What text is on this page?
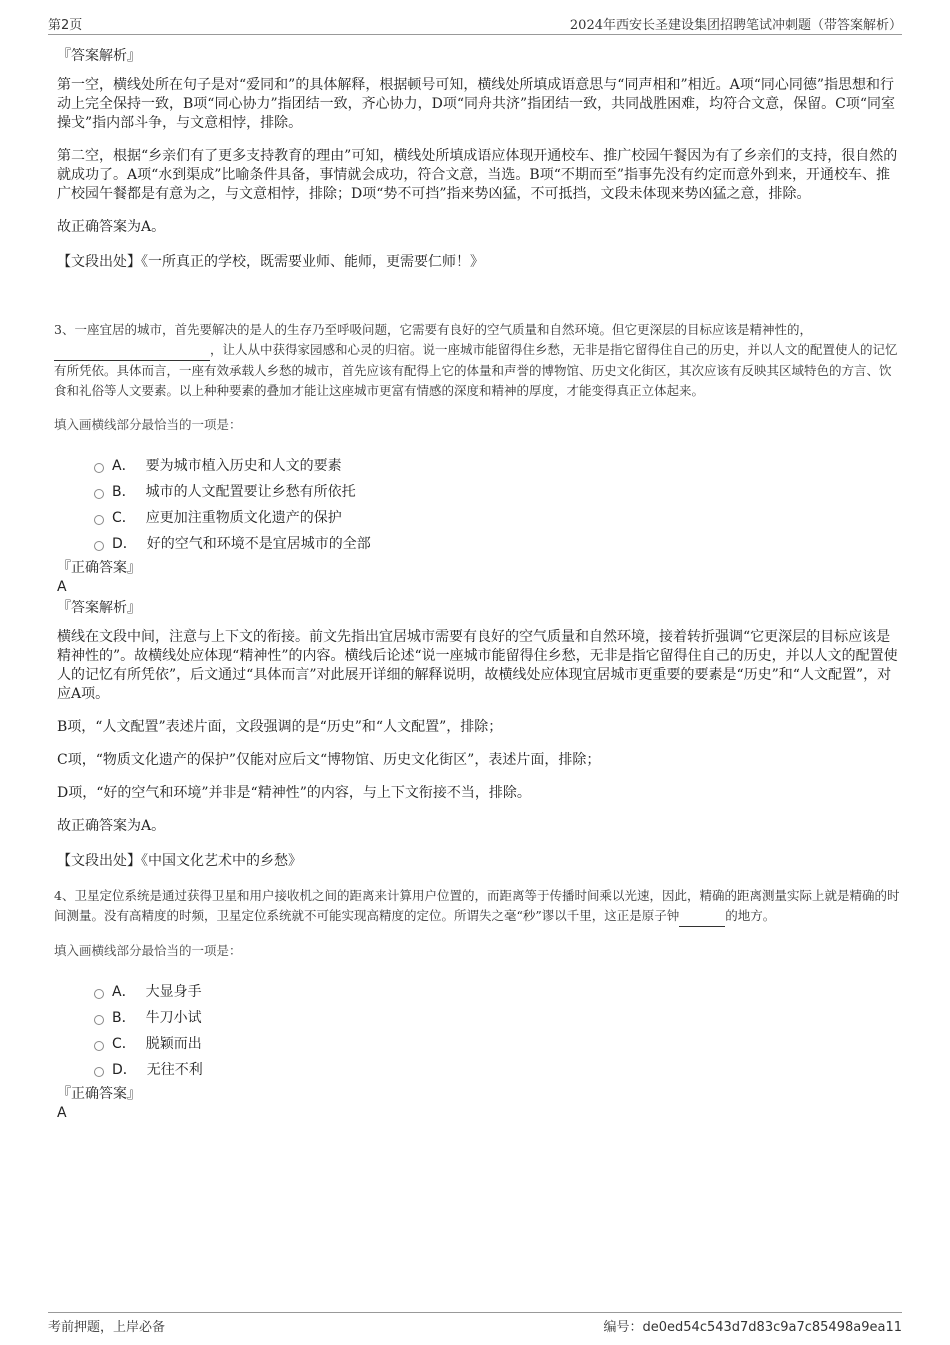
第2页	2024年西安长圣建设集团招聘笔试冲刺题（带答案解析）
『答案解析』

第一空，横线处所在句子是对“爱同和”的具体解释，根据顿号可知，横线处所填成语意思与“同声相和”相近。A项“同心同德”指思想和行动上完全保持一致，B项“同心协力”指团结一致，齐心协力，D项“同舟共济”指团结一致，共同战胜困难，均符合文意，保留。C项“同室操戈”指内部斗争，与文意相悖，排除。

第二空，根据“乡亲们有了更多支持教育的理由”可知，横线处所填成语应体现开通校车、推广校园午餐因为有了乡亲们的支持，很自然的就成功了。A项“水到渠成”比喻条件具备，事情就会成功，符合文意，当选。B项“不期而至”指事先没有约定而意外到来，开通校车、推广校园午餐都是有意为之，与文意相悖，排除；D项“势不可挡”指来势凶猛，不可抵挡，文段未体现来势凶猛之意，排除。

故正确答案为A。

【文段出处】《一所真正的学校，既需要业师、能师，更需要仁师！》

3、一座宜居的城市，首先要解决的是人的生存乃至呼吸问题，它需要有良好的空气质量和自然环境。但它更深层的目标应该是精神性的， ，让人从中获得家园感和心灵的归宿。说一座城市能留得住乡愁，无非是指它留得住自己的历史，并以人文的配置使人的记忆有所凭依。具体而言，一座有效承载人乡愁的城市，首先应该有配得上它的体量和声誉的博物馆、历史文化街区，其次应该有反映其区域特色的方言、饮食和礼俗等人文要素。以上种种要素的叠加才能让这座城市更富有情感的深度和精神的厚度，才能变得真正立体起来。

填入画横线部分最恰当的一项是：
A． 要为城市植入历史和人文的要素
B． 城市的人文配置要让乡愁有所依托
C． 应更加注重物质文化遗产的保护
D． 好的空气和环境不是宜居城市的全部
『正确答案』
A
『答案解析』

横线在文段中间，注意与上下文的衔接。前文先指出宜居城市需要有良好的空气质量和自然环境，接着转折强调“它更深层的目标应该是精神性的”。故横线处应体现“精神性”的内容。横线后论述“说一座城市能留得住乡愁，无非是指它留得住自己的历史，并以人文的配置使人的记忆有所凭依”，后文通过“具体而言”对此展开详细的解释说明，故横线处应体现宜居城市更重要的要素是“历史”和“人文配置”，对应A项。

B项，“人文配置”表述片面，文段强调的是“历史”和“人文配置”，排除；

C项，“物质文化遗产的保护”仅能对应后文“博物馆、历史文化街区”，表述片面，排除；

D项，“好的空气和环境”并非是“精神性”的内容，与上下文衔接不当，排除。

故正确答案为A。

【文段出处】《中国文化艺术中的乡愁》

4、卫星定位系统是通过获得卫星和用户接收机之间的距离来计算用户位置的，而距离等于传播时间乘以光速，因此，精确的距离测量实际上就是精确的时间测量。没有高精度的时频，卫星定位系统就不可能实现高精度的定位。所谓失之毫“秒”谬以千里，这正是原子钟	的地方。

填入画横线部分最恰当的一项是：
A． 大显身手
B． 牛刀小试
C． 脱颖而出
D． 无往不利
『正确答案』
A
考前押题，上岸必备	编号：de0ed54c543d7d83c9a7c85498a9ea11
